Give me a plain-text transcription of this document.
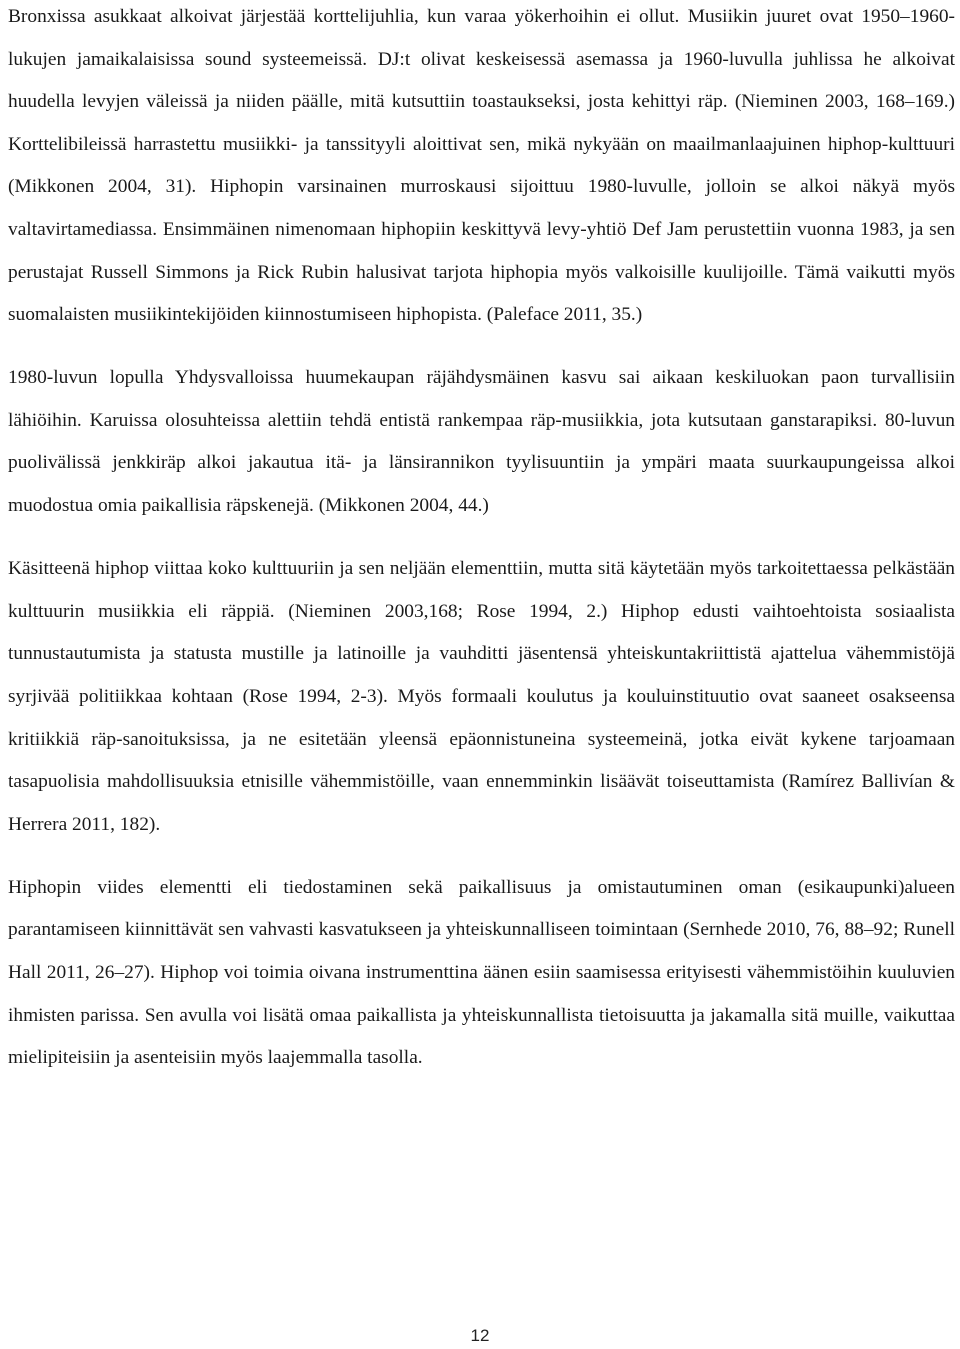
Bronxissa asukkaat alkoivat järjestää korttelijuhlia, kun varaa yökerhoihin ei ollut. Musiikin juuret ovat 1950–1960-lukujen jamaikalaisissa sound systeemeissä. DJ:t olivat keskeisessä asemassa ja 1960-luvulla juhlissa he alkoivat huudella levyjen väleissä ja niiden päälle, mitä kutsuttiin toastaukseksi, josta kehittyi räp. (Nieminen 2003, 168–169.) Korttelibileissä harrastettu musiikki- ja tanssityyli aloittivat sen, mikä nykyään on maailmanlaajuinen hiphop-kulttuuri (Mikkonen 2004, 31). Hiphopin varsinainen murroskausi sijoittuu 1980-luvulle, jolloin se alkoi näkyä myös valtavirtamediassa. Ensimmäinen nimenomaan hiphopiin keskittyvä levy-yhtiö Def Jam perustettiin vuonna 1983, ja sen perustajat Russell Simmons ja Rick Rubin halusivat tarjota hiphopia myös valkoisille kuulijoille. Tämä vaikutti myös suomalaisten musiikintekijöiden kiinnostumiseen hiphopista. (Paleface 2011, 35.)

1980-luvun lopulla Yhdysvalloissa huumekaupan räjähdysmäinen kasvu sai aikaan keskiluokan paon turvallisiin lähiöihin. Karuissa olosuhteissa alettiin tehdä entistä rankempaa räp-musiikkia, jota kutsutaan ganstarapiksi. 80-luvun puolivälissä jenkkiräp alkoi jakautua itä- ja länsirannikon tyylisuuntiin ja ympäri maata suurkaupungeissa alkoi muodostua omia paikallisia räpskenejä. (Mikkonen 2004, 44.)

Käsitteenä hiphop viittaa koko kulttuuriin ja sen neljään elementtiin, mutta sitä käytetään myös tarkoitettaessa pelkästään kulttuurin musiikkia eli räppiä. (Nieminen 2003,168; Rose 1994, 2.) Hiphop edusti vaihtoehtoista sosiaalista tunnustautumista ja statusta mustille ja latinoille ja vauhditti jäsentensä yhteiskuntakriittistä ajattelua vähemmistöjä syrjivää politiikkaa kohtaan (Rose 1994, 2-3). Myös formaali koulutus ja kouluinstituutio ovat saaneet osakseensa kritiikkiä räp-sanoituksissa, ja ne esitetään yleensä epäonnistuneina systeemeinä, jotka eivät kykene tarjoamaan tasapuolisia mahdollisuuksia etnisille vähemmistöille, vaan ennemminkin lisäävät toiseuttamista (Ramírez Ballivían & Herrera 2011, 182).

Hiphopin viides elementti eli tiedostaminen sekä paikallisuus ja omistautuminen oman (esikaupunki)alueen parantamiseen kiinnittävät sen vahvasti kasvatukseen ja yhteiskunnalliseen toimintaan (Sernhede 2010, 76, 88–92; Runell Hall 2011, 26–27). Hiphop voi toimia oivana instrumenttina äänen esiin saamisessa erityisesti vähemmistöihin kuuluvien ihmisten parissa. Sen avulla voi lisätä omaa paikallista ja yhteiskunnallista tietoisuutta ja jakamalla sitä muille, vaikuttaa mielipiteisiin ja asenteisiin myös laajemmalla tasolla.

12
